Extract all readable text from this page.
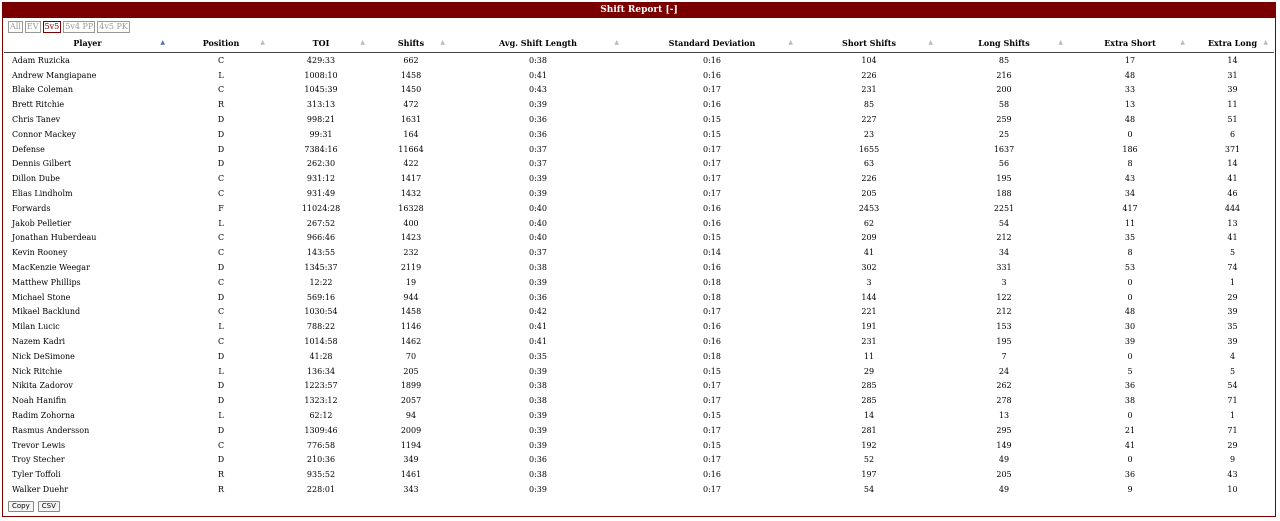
Shift Report [-]
All EV 5v5 5v4 PP 4v5 PK
Player ▲	Position ▲	TOI ▲	Shifts ▲	Avg. Shift Length ▲	Standard Deviation ▲	Short Shifts ▲	Long Shifts ▲	Extra Short ▲	Extra Long ▲

Adam Ruzicka	C	429:33	662	0:38	0:16	104	85	17	14
Andrew Mangiapane	L	1008:10	1458	0:41	0:16	226	216	48	31
Blake Coleman	C	1045:39	1450	0:43	0:17	231	200	33	39
Brett Ritchie	R	313:13	472	0:39	0:16	85	58	13	11
Chris Tanev	D	998:21	1631	0:36	0:15	227	259	48	51
Connor Mackey	D	99:31	164	0:36	0:15	23	25	0	6
Defense	D	7384:16	11664	0:37	0:17	1655	1637	186	371
Dennis Gilbert	D	262:30	422	0:37	0:17	63	56	8	14
Dillon Dube	C	931:12	1417	0:39	0:17	226	195	43	41
Elias Lindholm	C	931:49	1432	0:39	0:17	205	188	34	46
Forwards	F	11024:28	16328	0:40	0:16	2453	2251	417	444
Jakob Pelletier	L	267:52	400	0:40	0:16	62	54	11	13
Jonathan Huberdeau	C	966:46	1423	0:40	0:15	209	212	35	41
Kevin Rooney	C	143:55	232	0:37	0:14	41	34	8	5
MacKenzie Weegar	D	1345:37	2119	0:38	0:16	302	331	53	74
Matthew Phillips	C	12:22	19	0:39	0:18	3	3	0	1
Michael Stone	D	569:16	944	0:36	0:18	144	122	0	29
Mikael Backlund	C	1030:54	1458	0:42	0:17	221	212	48	39
Milan Lucic	L	788:22	1146	0:41	0:16	191	153	30	35
Nazem Kadri	C	1014:58	1462	0:41	0:16	231	195	39	39
Nick DeSimone	D	41:28	70	0:35	0:18	11	7	0	4
Nick Ritchie	L	136:34	205	0:39	0:15	29	24	5	5
Nikita Zadorov	D	1223:57	1899	0:38	0:17	285	262	36	54
Noah Hanifin	D	1323:12	2057	0:38	0:17	285	278	38	71
Radim Zohorna	L	62:12	94	0:39	0:15	14	13	0	1
Rasmus Andersson	D	1309:46	2009	0:39	0:17	281	295	21	71
Trevor Lewis	C	776:58	1194	0:39	0:15	192	149	41	29
Troy Stecher	D	210:36	349	0:36	0:17	52	49	0	9
Tyler Toffoli	R	935:52	1461	0:38	0:16	197	205	36	43
Walker Duehr	R	228:01	343	0:39	0:17	54	49	9	10
Copy	CSV
